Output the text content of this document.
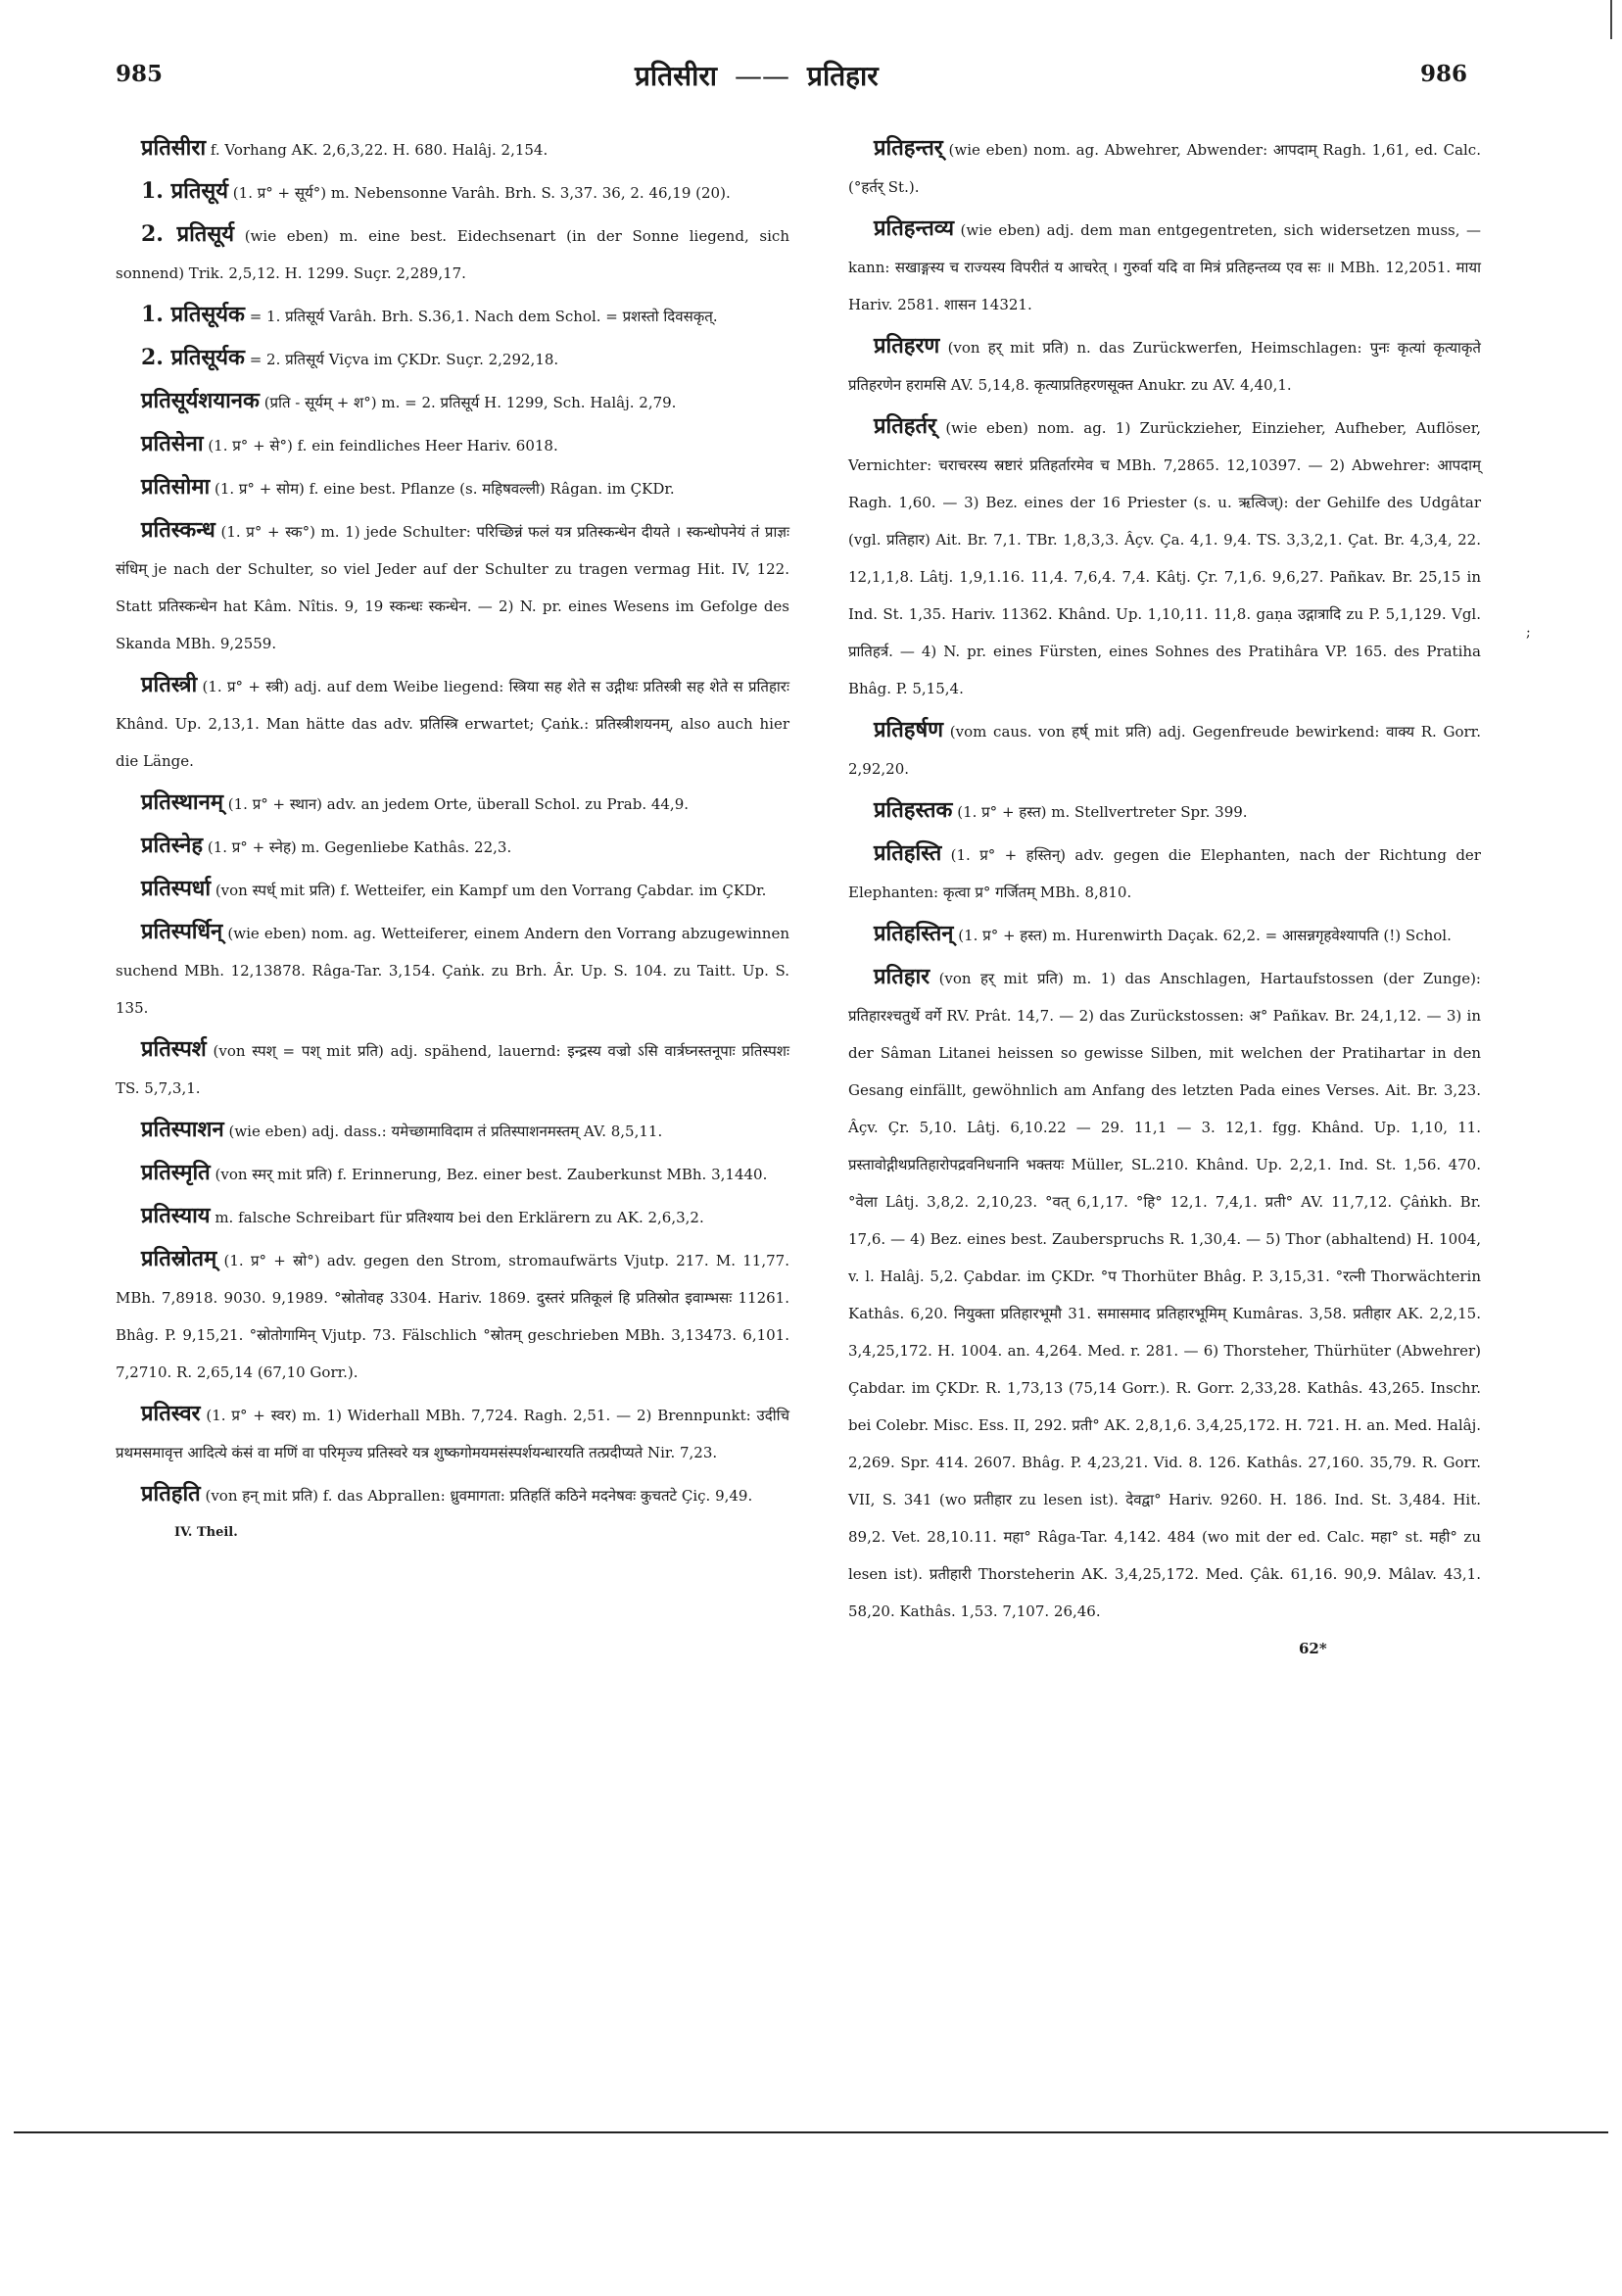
985	प्रतिसीरा —— प्रतिहार	986

प्रतिसीरा f. Vorhang AK. 2,6,3,22. H. 680. Halâj. 2,154.

1. प्रतिसूर्य (1. प्र° + सूर्य°) m. Nebensonne Varâh. Brh. S. 3,37. 36, 2. 46,19 (20).

2. प्रतिसूर्य (wie eben) m. eine best. Eidechsenart (in der Sonne liegend, sich sonnend) Trik. 2,5,12. H. 1299. Suçr. 2,289,17.

1. प्रतिसूर्यक = 1. प्रतिसूर्य Varâh. Brh. S.36,1. Nach dem Schol. = प्रशस्तो दिवसकृत्.

2. प्रतिसूर्यक = 2. प्रतिसूर्य Viçva im ÇKDr. Suçr. 2,292,18.

प्रतिसूर्यशयानक (प्रति - सूर्यम् + श°) m. = 2. प्रतिसूर्य H. 1299, Sch. Halâj. 2,79.

प्रतिसेना (1. प्र° + से°) f. ein feindliches Heer Hariv. 6018.

प्रतिसोमा (1. प्र° + सोम) f. eine best. Pflanze (s. महिषवल्ली) Râgan. im ÇKDr.

प्रतिस्कन्ध (1. प्र° + स्क°) m. 1) jede Schulter: परिच्छिन्नं फलं यत्र प्रतिस्कन्धेन दीयते । स्कन्धोपनेयं तं प्राज्ञः संधिम् je nach der Schulter, so viel Jeder auf der Schulter zu tragen vermag Hit. IV, 122. Statt प्रतिस्कन्धेन hat Kâm. Nîtis. 9, 19 स्कन्धः स्कन्धेन. — 2) N. pr. eines Wesens im Gefolge des Skanda MBh. 9,2559.

प्रतिस्त्री (1. प्र° + स्त्री) adj. auf dem Weibe liegend: स्त्रिया सह शेते स उद्गीथः प्रतिस्त्री सह शेते स प्रतिहारः Khând. Up. 2,13,1. Man hätte das adv. प्रतिस्त्रि erwartet; Çaṅk.: प्रतिस्त्रीशयनम्, also auch hier die Länge.

प्रतिस्थानम् (1. प्र° + स्थान) adv. an jedem Orte, überall Schol. zu Prab. 44,9.

प्रतिस्नेह (1. प्र° + स्नेह) m. Gegenliebe Kathâs. 22,3.

प्रतिस्पर्धा (von स्पर्ध् mit प्रति) f. Wetteifer, ein Kampf um den Vorrang Çabdar. im ÇKDr.

प्रतिस्पर्धिन् (wie eben) nom. ag. Wetteiferer, einem Andern den Vorrang abzugewinnen suchend MBh. 12,13878. Râga-Tar. 3,154. Çaṅk. zu Brh. Âr. Up. S. 104. zu Taitt. Up. S. 135.

प्रतिस्पर्श (von स्पश् = पश् mit प्रति) adj. spähend, lauernd: इन्द्रस्य वज्रो ऽसि वार्त्रघ्नस्तनूपाः प्रतिस्पशः TS. 5,7,3,1.

प्रतिस्पाशन (wie eben) adj. dass.: यमेच्छामाविदाम तं प्रतिस्पाशनमस्तम् AV. 8,5,11.

प्रतिस्मृति (von स्मर् mit प्रति) f. Erinnerung, Bez. einer best. Zauberkunst MBh. 3,1440.

प्रतिस्याय m. falsche Schreibart für प्रतिश्याय bei den Erklärern zu AK. 2,6,3,2.

प्रतिस्रोतम् (1. प्र° + स्रो°) adv. gegen den Strom, stromaufwärts Vjutp. 217. M. 11,77. MBh. 7,8918. 9030. 9,1989. °स्रोतोवह 3304. Hariv. 1869. दुस्तरं प्रतिकूलं हि प्रतिस्रोत इवाम्भसः 11261. Bhâg. P. 9,15,21. °स्रोतोगामिन् Vjutp. 73. Fälschlich °स्रोतम् geschrieben MBh. 3,13473. 6,101. 7,2710. R. 2,65,14 (67,10 Gorr.).

प्रतिस्वर (1. प्र° + स्वर) m. 1) Widerhall MBh. 7,724. Ragh. 2,51. — 2) Brennpunkt: उदीचि प्रथमसमावृत्त आदित्ये कंसं वा मणिं वा परिमृज्य प्रतिस्वरे यत्र शुष्कगोमयमसंस्पर्शयन्धारयति तत्प्रदीप्यते Nir. 7,23.

प्रतिहति (von हन् mit प्रति) f. das Abprallen: ध्रुवमागता: प्रतिहतिं कठिने मदनेषवः कुचतटे Çiç. 9,49.

IV. Theil.

प्रतिहन्तर् (wie eben) nom. ag. Abwehrer, Abwender: आपदाम् Ragh. 1,61, ed. Calc. (°हर्तर् St.).

प्रतिहन्तव्य (wie eben) adj. dem man entgegentreten, sich widersetzen muss, — kann: सखाङ्गस्य च राज्यस्य विपरीतं य आचरेत् । गुरुर्वा यदि वा मित्रं प्रतिहन्तव्य एव सः ॥ MBh. 12,2051. माया Hariv. 2581. शासन 14321.

प्रतिहरण (von हर् mit प्रति) n. das Zurückwerfen, Heimschlagen: पुनः कृत्यां कृत्याकृते प्रतिहरणेन हरामसि AV. 5,14,8. कृत्याप्रतिहरणसूक्त Anukr. zu AV. 4,40,1.

प्रतिहर्तर् (wie eben) nom. ag. 1) Zurückzieher, Einzieher, Aufheber, Auflöser, Vernichter: चराचरस्य स्रष्टारं प्रतिहर्तारमेव च MBh. 7,2865. 12,10397. — 2) Abwehrer: आपदाम् Ragh. 1,60. — 3) Bez. eines der 16 Priester (s. u. ऋत्विज्): der Gehilfe des Udgâtar (vgl. प्रतिहार) Ait. Br. 7,1. TBr. 1,8,3,3. Âçv. Ça. 4,1. 9,4. TS. 3,3,2,1. Çat. Br. 4,3,4, 22. 12,1,1,8. Lâtj. 1,9,1.16. 11,4. 7,6,4. 7,4. Kâtj. Çr. 7,1,6. 9,6,27. Pañkav. Br. 25,15 in Ind. St. 1,35. Hariv. 11362. Khând. Up. 1,10,11. 11,8. gaṇa उद्गात्रादि zu P. 5,1,129. Vgl. प्रातिहर्त्र. — 4) N. pr. eines Fürsten, eines Sohnes des Pratihâra VP. 165. des Pratiha Bhâg. P. 5,15,4.

प्रतिहर्षण (vom caus. von हर्ष् mit प्रति) adj. Gegenfreude bewirkend: वाक्य R. Gorr. 2,92,20.

प्रतिहस्तक (1. प्र° + हस्त) m. Stellvertreter Spr. 399.

प्रतिहस्ति (1. प्र° + हस्तिन्) adv. gegen die Elephanten, nach der Richtung der Elephanten: कृत्वा प्र° गर्जितम् MBh. 8,810.

प्रतिहस्तिन् (1. प्र° + हस्त) m. Hurenwirth Daçak. 62,2. = आसन्नगृहवेश्यापति (!) Schol.

प्रतिहार (von हर् mit प्रति) m. 1) das Anschlagen, Hartaufstossen (der Zunge): प्रतिहारश्चतुर्थे वर्गे RV. Prât. 14,7. — 2) das Zurückstossen: अ° Pañkav. Br. 24,1,12. — 3) in der Sâman Litanei heissen so gewisse Silben, mit welchen der Pratihartar in den Gesang einfällt, gewöhnlich am Anfang des letzten Pada eines Verses. Ait. Br. 3,23. Âçv. Çr. 5,10. Lâtj. 6,10.22 — 29. 11,1 — 3. 12,1. fgg. Khând. Up. 1,10, 11. प्रस्तावोद्गीथप्रतिहारोपद्रवनिधनानि भक्तयः Müller, SL.210. Khând. Up. 2,2,1. Ind. St. 1,56. 470. °वेला Lâtj. 3,8,2. 2,10,23. °वत् 6,1,17. °हि° 12,1. 7,4,1. प्रती° AV. 11,7,12. Çâṅkh. Br. 17,6. — 4) Bez. eines best. Zauberspruchs R. 1,30,4. — 5) Thor (abhaltend) H. 1004, v. l. Halâj. 5,2. Çabdar. im ÇKDr. °प Thorhüter Bhâg. P. 3,15,31. °रत्नी Thorwächterin Kathâs. 6,20. नियुक्ता प्रतिहारभूमौ 31. समासमाद प्रतिहारभूमिम् Kumâras. 3,58. प्रतीहार AK. 2,2,15. 3,4,25,172. H. 1004. an. 4,264. Med. r. 281. — 6) Thorsteher, Thürhüter (Abwehrer) Çabdar. im ÇKDr. R. 1,73,13 (75,14 Gorr.). R. Gorr. 2,33,28. Kathâs. 43,265. Inschr. bei Colebr. Misc. Ess. II, 292. प्रती° AK. 2,8,1,6. 3,4,25,172. H. 721. H. an. Med. Halâj. 2,269. Spr. 414. 2607. Bhâg. P. 4,23,21. Vid. 8. 126. Kathâs. 27,160. 35,79. R. Gorr. VII, S. 341 (wo प्रतीहार zu lesen ist). देवद्वा° Hariv. 9260. H. 186. Ind. St. 3,484. Hit. 89,2. Vet. 28,10.11. महा° Râga-Tar. 4,142. 484 (wo mit der ed. Calc. महा° st. मही° zu lesen ist). प्रतीहारी Thorsteherin AK. 3,4,25,172. Med. Çâk. 61,16. 90,9. Mâlav. 43,1. 58,20. Kathâs. 1,53. 7,107. 26,46.

62*
;
